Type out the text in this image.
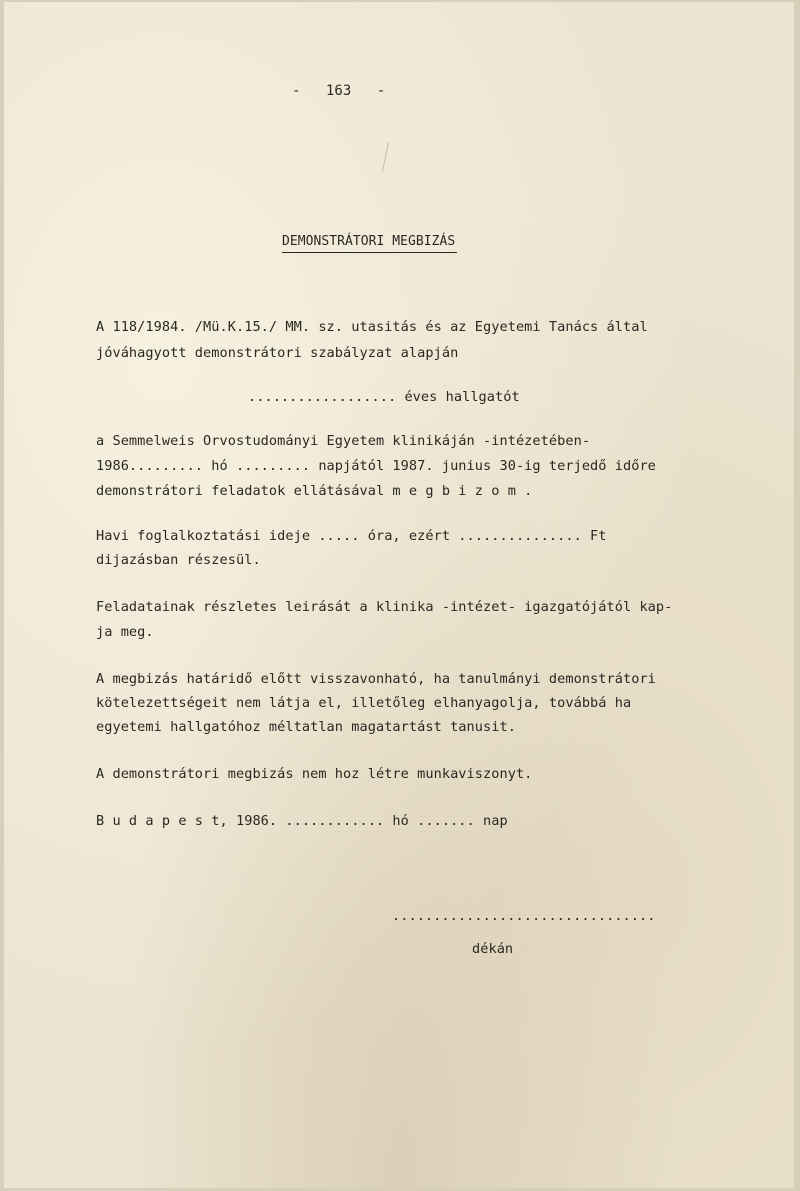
-   163   -
DEMONSTRÁTORI MEGBIZÁS
A 118/1984. /Mü.K.15./ MM. sz. utasitás és az Egyetemi Tanács által
jóváhagyott demonstrátori szabályzat alapján
.................. éves hallgatót
a Semmelweis Orvostudományi Egyetem klinikáján -intézetében-
1986......... hó ......... napjától 1987. junius 30-ig terjedő időre
demonstrátori feladatok ellátásával m e g b i z o m .
Havi foglalkoztatási ideje ..... óra, ezért ............... Ft
dijazásban részesül.
Feladatainak részletes leirását a klinika -intézet- igazgatójától kap-
ja meg.
A megbizás határidő előtt visszavonható, ha tanulmányi demonstrátori
kötelezettségeit nem látja el, illetőleg elhanyagolja, továbbá ha
egyetemi hallgatóhoz méltatlan magatartást tanusit.
A demonstrátori megbizás nem hoz létre munkaviszonyt.
B u d a p e s t, 1986. ............ hó ....... nap
................................
dékán
